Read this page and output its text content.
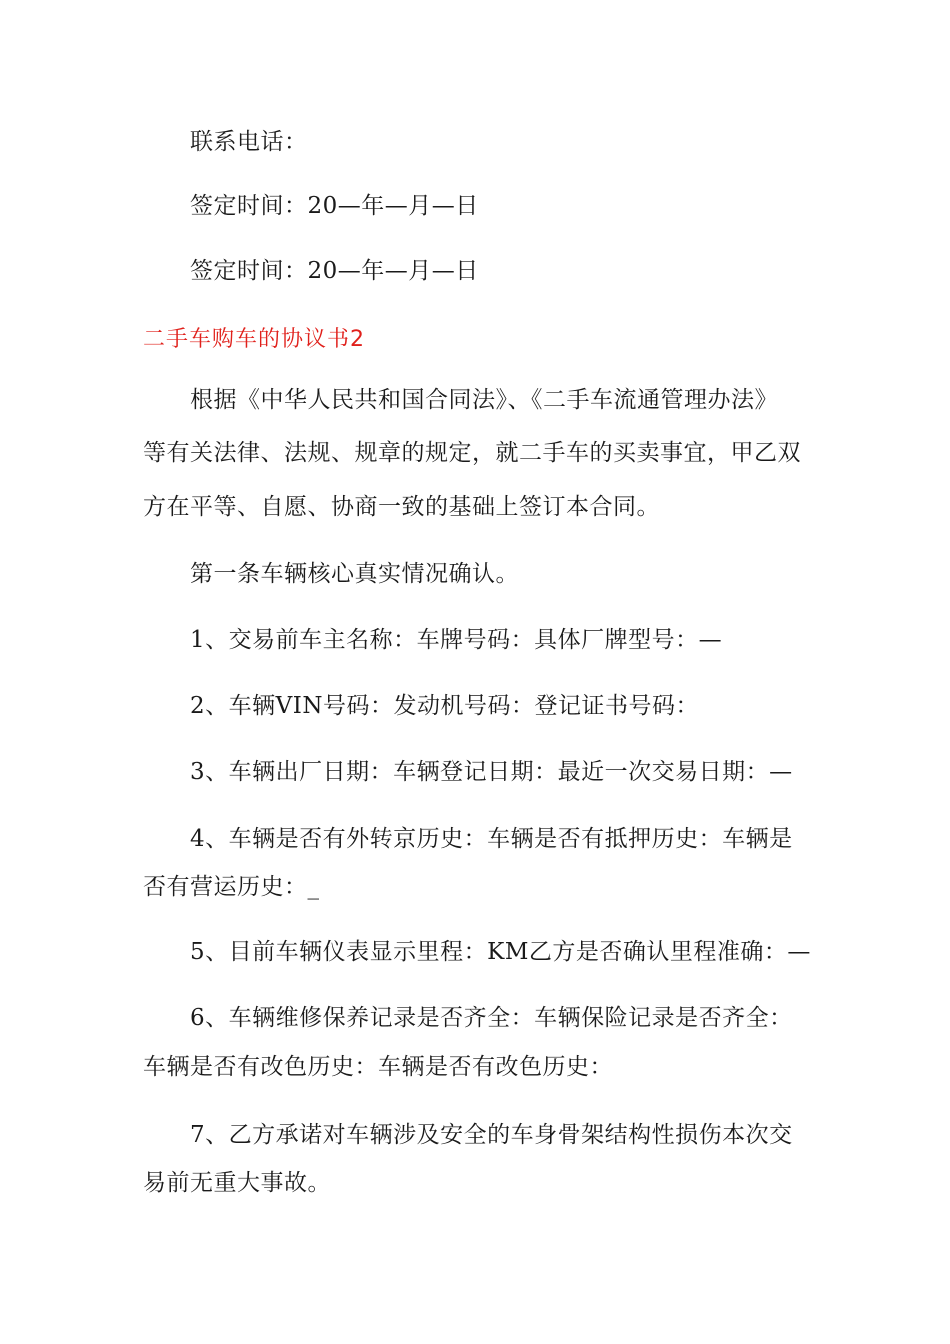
联系电话：
签定时间：20—年—月—日
签定时间：20—年—月—日
二手车购车的协议书2
根据《中华人民共和国合同法》、《二手车流通管理办法》
等有关法律、法规、规章的规定，就二手车的买卖事宜，甲乙双
方在平等、自愿、协商一致的基础上签订本合同。
第一条车辆核心真实情况确认。
1、交易前车主名称：车牌号码：具体厂牌型号：—
2、车辆VIN号码：发动机号码：登记证书号码：
3、车辆出厂日期：车辆登记日期：最近一次交易日期：—
4、车辆是否有外转京历史：车辆是否有抵押历史：车辆是
否有营运历史：_
5、目前车辆仪表显示里程：KM乙方是否确认里程准确：—
6、车辆维修保养记录是否齐全：车辆保险记录是否齐全：
车辆是否有改色历史：车辆是否有改色历史：
7、乙方承诺对车辆涉及安全的车身骨架结构性损伤本次交
易前无重大事故。
